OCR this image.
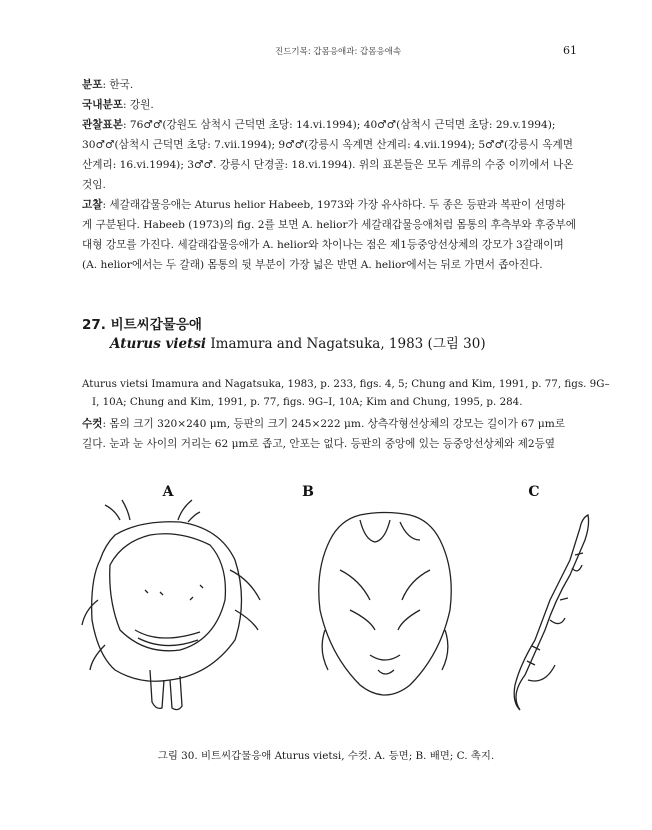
진드기목: 갑몸응애과: 갑몸응애속	61
분포: 한국.
국내분포: 강원.
관찰표본: 76♂♂(강원도 삼척시 근덕면 초당: 14.vi.1994); 40♂♂(삼척시 근덕면 초당: 29.v.1994);
30♂♂(삼척시 근덕면 초당: 7.vii.1994); 9♂♂(강릉시 옥계면 산계리: 4.vii.1994); 5♂♂(강릉시 옥계면
산계리: 16.vi.1994); 3♂♂. 강릉시 단경골: 18.vi.1994). 위의 표본들은 모두 계류의 수중 이끼에서 나온
것임.
고찰: 세갈래갑물응애는 Aturus helior Habeeb, 1973와 가장 유사하다. 두 종은 등판과 복판이 선명하
게 구분된다. Habeeb (1973)의 fig. 2를 보면 A. helior가 세갈래갑물응애처럼 몸통의 후측부와 후중부에
대형 강모를 가진다. 세갈래갑물응애가 A. helior와 차이나는 점은 제1등중앙선상체의 강모가 3갈래이며
(A. helior에서는 두 갈래) 몸통의 뒷 부분이 가장 넓은 반면 A. helior에서는 뒤로 가면서 좁아진다.
27. 비트씨갑물응애
Aturus vietsi Imamura and Nagatsuka, 1983 (그림 30)
Aturus vietsi Imamura and Nagatsuka, 1983, p. 233, figs. 4, 5; Chung and Kim, 1991, p. 77, figs. 9G–
I, 10A; Chung and Kim, 1991, p. 77, figs. 9G–I, 10A; Kim and Chung, 1995, p. 284.
수컷: 몸의 크기 320×240 μm, 등판의 크기 245×222 μm. 상측각형선상체의 강모는 길이가 67 μm로
길다. 눈과 눈 사이의 거리는 62 μm로 좁고, 안포는 없다. 등판의 중앙에 있는 등중앙선상체와 제2등옆
A	B	C
그림 30. 비트씨갑물응애 Aturus vietsi, 수컷. A. 등면; B. 배면; C. 촉지.
